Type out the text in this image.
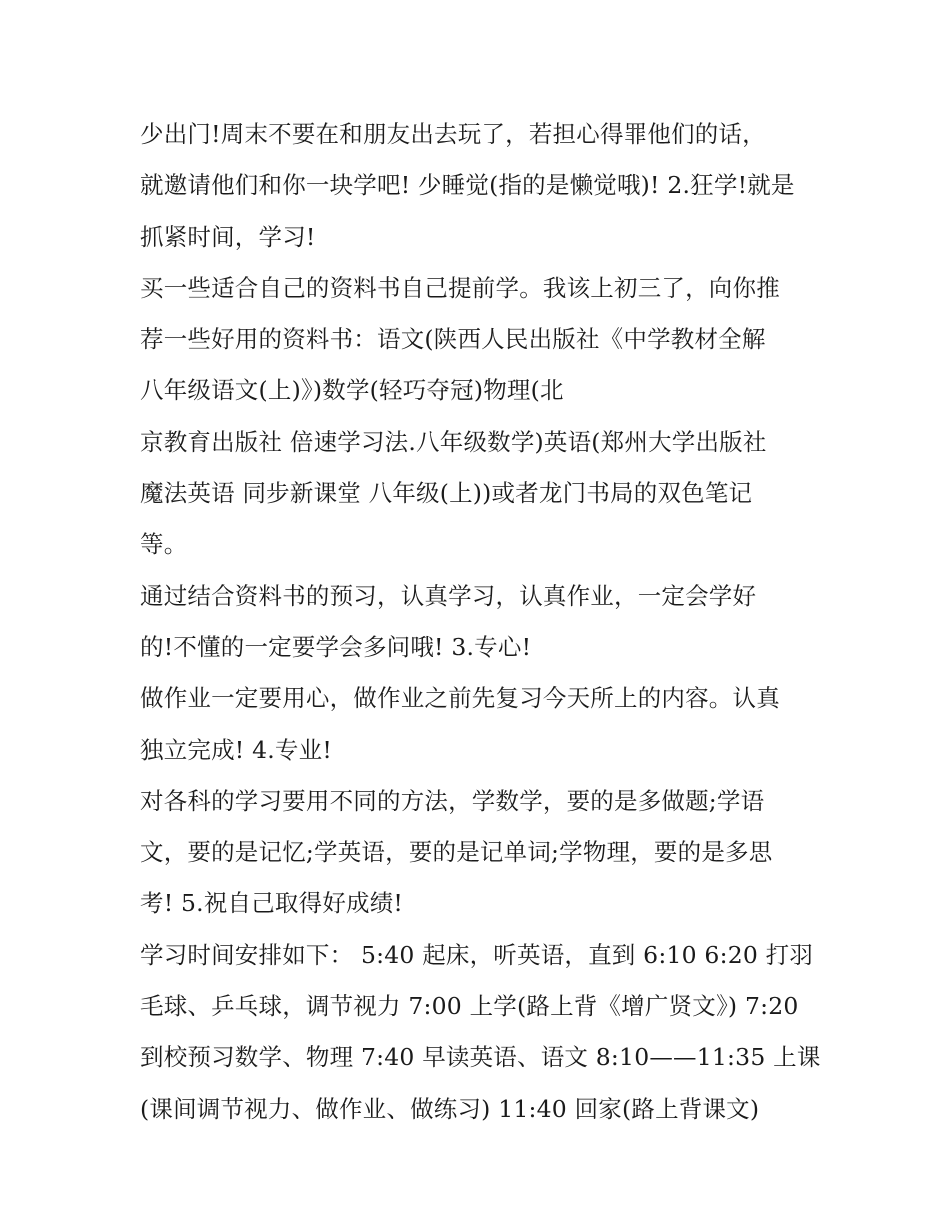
少出门!周末不要在和朋友出去玩了，若担心得罪他们的话，
就邀请他们和你一块学吧! 少睡觉(指的是懒觉哦)! 2.狂学!就是
抓紧时间，学习!
买一些适合自己的资料书自己提前学。我该上初三了，向你推
荐一些好用的资料书：语文(陕西人民出版社《中学教材全解
八年级语文(上)》)数学(轻巧夺冠)物理(北
京教育出版社 倍速学习法.八年级数学)英语(郑州大学出版社
魔法英语 同步新课堂 八年级(上))或者龙门书局的双色笔记
等。
通过结合资料书的预习，认真学习，认真作业，一定会学好
的!不懂的一定要学会多问哦! 3.专心!
做作业一定要用心，做作业之前先复习今天所上的内容。认真
独立完成! 4.专业!
对各科的学习要用不同的方法，学数学，要的是多做题;学语
文，要的是记忆;学英语，要的是记单词;学物理，要的是多思
考! 5.祝自己取得好成绩!
学习时间安排如下： 5:40 起床，听英语，直到 6:10 6:20 打羽
毛球、乒乓球，调节视力 7:00 上学(路上背《增广贤文》) 7:20
到校预习数学、物理 7:40 早读英语、语文 8:10——11:35 上课
(课间调节视力、做作业、做练习) 11:40 回家(路上背课文)
